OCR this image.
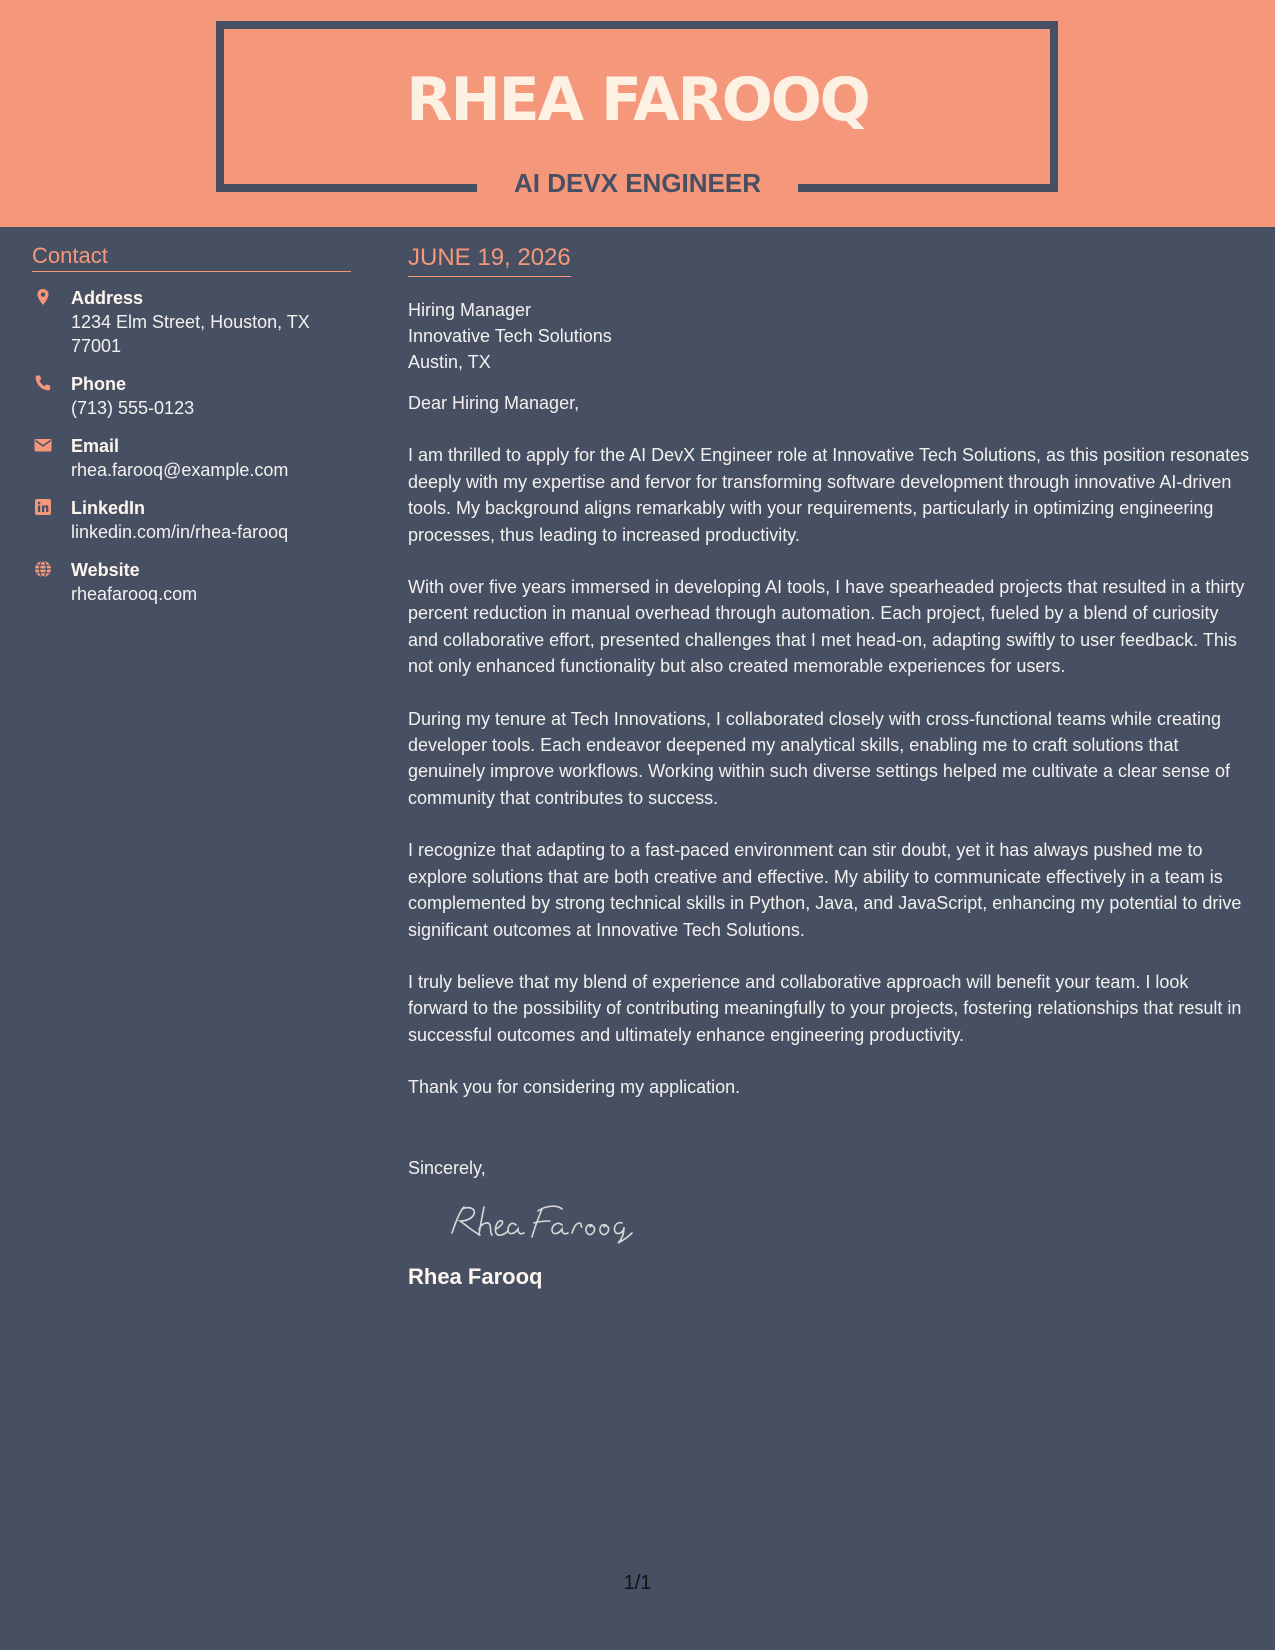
RHEA FAROOQ
AI DEVX ENGINEER
Contact
Address
1234 Elm Street, Houston, TX 77001
Phone
(713) 555-0123
Email
rhea.farooq@example.com
LinkedIn
linkedin.com/in/rhea-farooq
Website
rheafarooq.com
JUNE 19, 2026
Hiring Manager
Innovative Tech Solutions
Austin, TX

Dear Hiring Manager,

I am thrilled to apply for the AI DevX Engineer role at Innovative Tech Solutions, as this position resonates deeply with my expertise and fervor for transforming software development through innovative AI-driven tools. My background aligns remarkably with your requirements, particularly in optimizing engineering processes, thus leading to increased productivity.

With over five years immersed in developing AI tools, I have spearheaded projects that resulted in a thirty percent reduction in manual overhead through automation. Each project, fueled by a blend of curiosity and collaborative effort, presented challenges that I met head-on, adapting swiftly to user feedback. This not only enhanced functionality but also created memorable experiences for users.

During my tenure at Tech Innovations, I collaborated closely with cross-functional teams while creating developer tools. Each endeavor deepened my analytical skills, enabling me to craft solutions that genuinely improve workflows. Working within such diverse settings helped me cultivate a clear sense of community that contributes to success.

I recognize that adapting to a fast-paced environment can stir doubt, yet it has always pushed me to explore solutions that are both creative and effective. My ability to communicate effectively in a team is complemented by strong technical skills in Python, Java, and JavaScript, enhancing my potential to drive significant outcomes at Innovative Tech Solutions.

I truly believe that my blend of experience and collaborative approach will benefit your team. I look forward to the possibility of contributing meaningfully to your projects, fostering relationships that result in successful outcomes and ultimately enhance engineering productivity.

Thank you for considering my application.

Sincerely,
Rhea Farooq
1/1
